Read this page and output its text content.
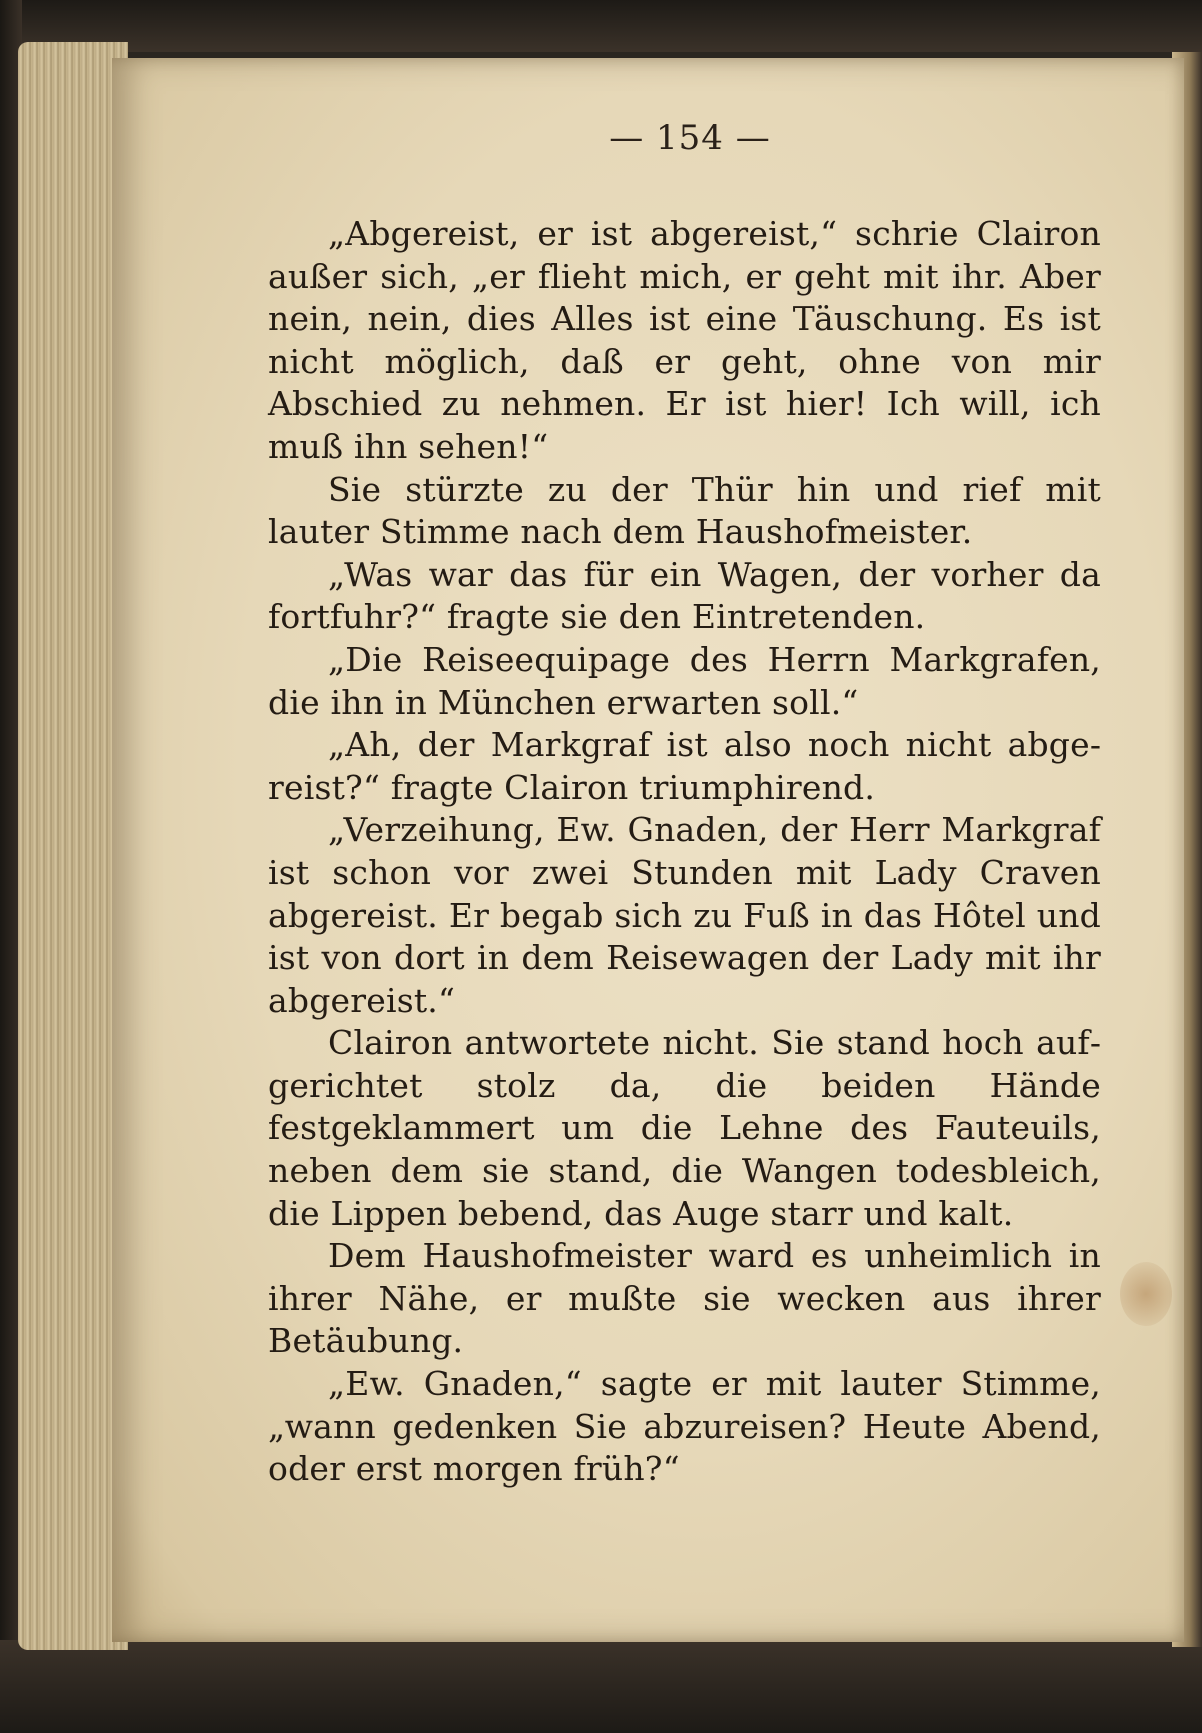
— 154 —

„Abgereist, er ist abgereist,“ schrie Clairon außer sich, „er flieht mich, er geht mit ihr. Aber nein, nein, dies Alles ist eine Täuschung. Es ist nicht möglich, daß er geht, ohne von mir Abschied zu nehmen. Er ist hier! Ich will, ich muß ihn sehen!“

Sie stürzte zu der Thür hin und rief mit lauter Stimme nach dem Haushofmeister.

„Was war das für ein Wagen, der vorher da fortfuhr?“ fragte sie den Eintretenden.

„Die Reiseequipage des Herrn Markgrafen, die ihn in München erwarten soll.“

„Ah, der Markgraf ist also noch nicht abgereist?“ fragte Clairon triumphirend.

„Verzeihung, Ew. Gnaden, der Herr Markgraf ist schon vor zwei Stunden mit Lady Craven abgereist. Er begab sich zu Fuß in das Hôtel und ist von dort in dem Reisewagen der Lady mit ihr abgereist.“

Clairon antwortete nicht. Sie stand hoch aufgerichtet stolz da, die beiden Hände festgeklammert um die Lehne des Fauteuils, neben dem sie stand, die Wangen todesbleich, die Lippen bebend, das Auge starr und kalt.

Dem Haushofmeister ward es unheimlich in ihrer Nähe, er mußte sie wecken aus ihrer Betäubung.

„Ew. Gnaden,“ sagte er mit lauter Stimme, „wann gedenken Sie abzureisen? Heute Abend, oder erst morgen früh?“
